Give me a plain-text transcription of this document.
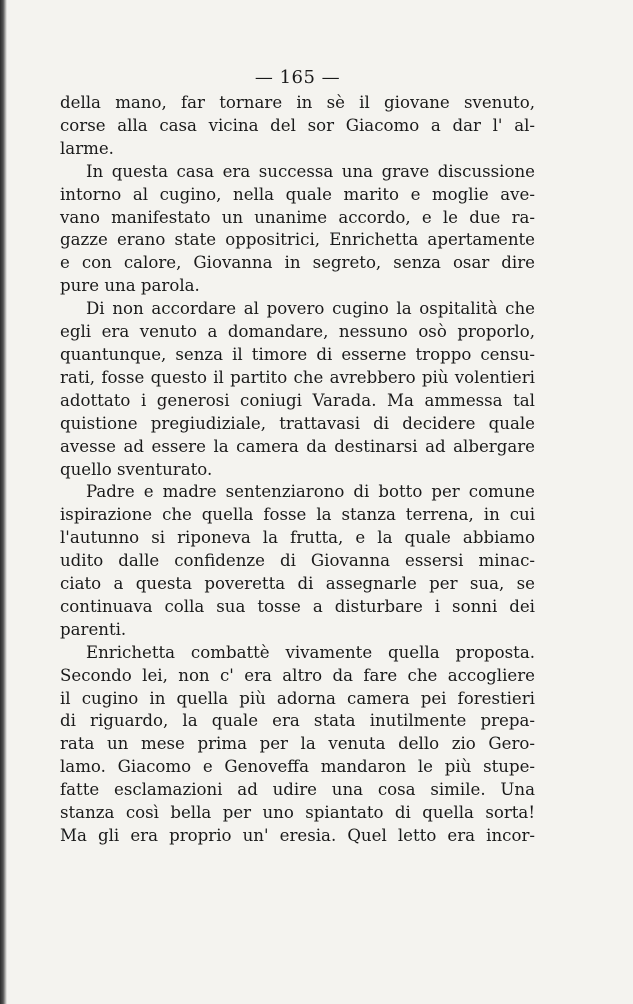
— 165 —

della mano, far tornare in sè il giovane svenuto,
corse alla casa vicina del sor Giacomo a dar l' al-
larme.

In questa casa era successa una grave discussione
intorno al cugino, nella quale marito e moglie ave-
vano manifestato un unanime accordo, e le due ra-
gazze erano state oppositrici, Enrichetta apertamente
e con calore, Giovanna in segreto, senza osar dire
pure una parola.

Di non accordare al povero cugino la ospitalità che
egli era venuto a domandare, nessuno osò proporlo,
quantunque, senza il timore di esserne troppo censu-
rati, fosse questo il partito che avrebbero più volentieri
adottato i generosi coniugi Varada. Ma ammessa tal
quistione pregiudiziale, trattavasi di decidere quale
avesse ad essere la camera da destinarsi ad albergare
quello sventurato.

Padre e madre sentenziarono di botto per comune
ispirazione che quella fosse la stanza terrena, in cui
l'autunno si riponeva la frutta, e la quale abbiamo
udito dalle confidenze di Giovanna essersi minac-
ciato a questa poveretta di assegnarle per sua, se
continuava colla sua tosse a disturbare i sonni dei
parenti.

Enrichetta combattè vivamente quella proposta.
Secondo lei, non c' era altro da fare che accogliere
il cugino in quella più adorna camera pei forestieri
di riguardo, la quale era stata inutilmente prepa-
rata un mese prima per la venuta dello zio Gero-
lamo. Giacomo e Genoveffa mandaron le più stupe-
fatte esclamazioni ad udire una cosa simile. Una
stanza così bella per uno spiantato di quella sorta!
Ma gli era proprio un' eresia. Quel letto era incor-
